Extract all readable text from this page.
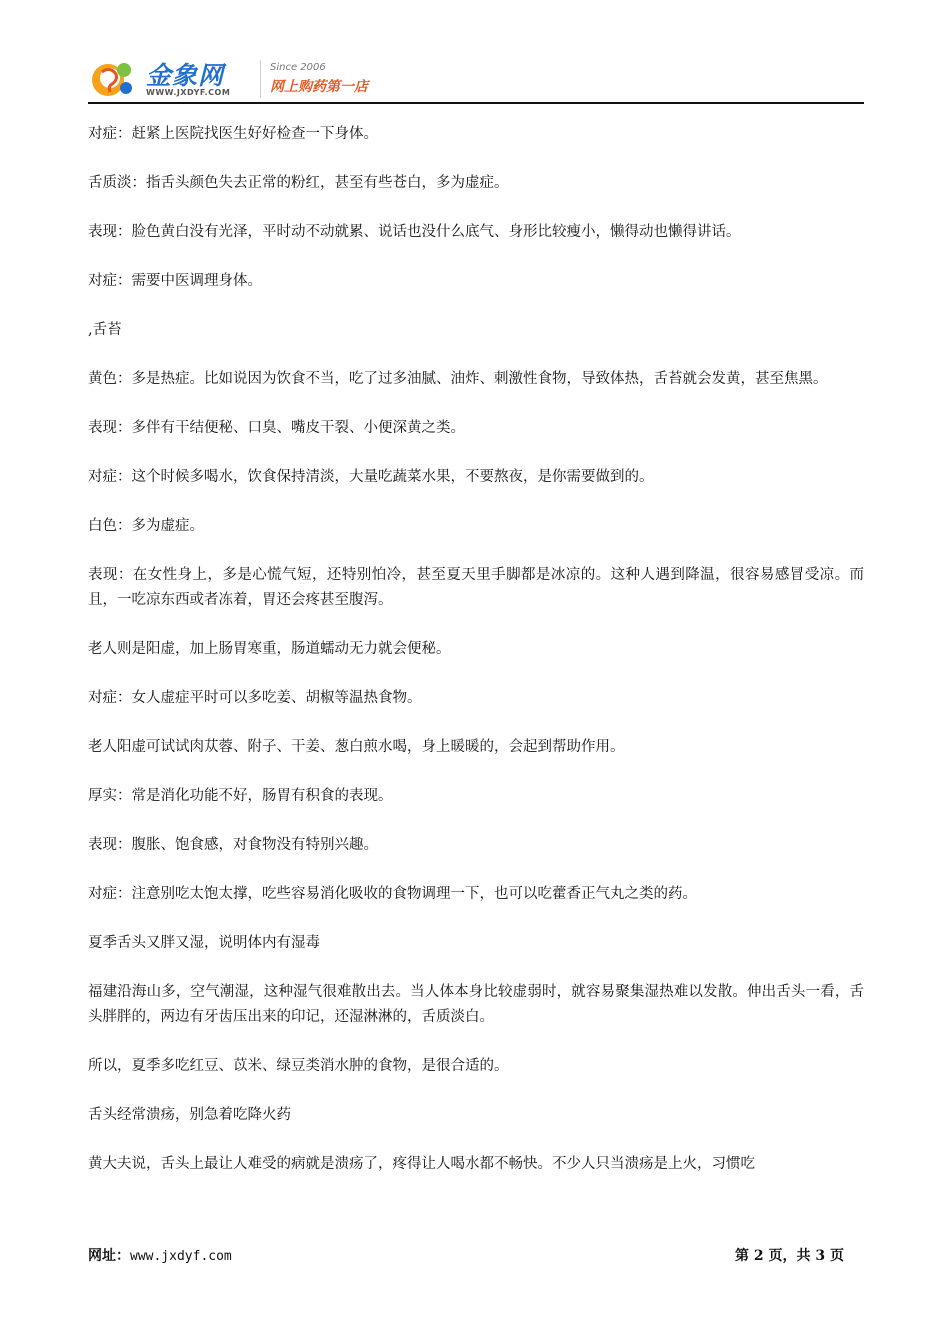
金象网
WWW.JXDYF.COM
Since 2006
网上购药第一店

对症：赶紧上医院找医生好好检查一下身体。

舌质淡：指舌头颜色失去正常的粉红，甚至有些苍白，多为虚症。

表现：脸色黄白没有光泽，平时动不动就累、说话也没什么底气、身形比较瘦小，懒得动也懒得讲话。

对症：需要中医调理身体。

,舌苔

黄色：多是热症。比如说因为饮食不当，吃了过多油腻、油炸、刺激性食物，导致体热，舌苔就会发黄，甚至焦黑。

表现：多伴有干结便秘、口臭、嘴皮干裂、小便深黄之类。

对症：这个时候多喝水，饮食保持清淡，大量吃蔬菜水果，不要熬夜，是你需要做到的。

白色：多为虚症。

表现：在女性身上，多是心慌气短，还特别怕冷，甚至夏天里手脚都是冰凉的。这种人遇到降温，很容易感冒受凉。而且，一吃凉东西或者冻着，胃还会疼甚至腹泻。

老人则是阳虚，加上肠胃寒重，肠道蠕动无力就会便秘。

对症：女人虚症平时可以多吃姜、胡椒等温热食物。

老人阳虚可试试肉苁蓉、附子、干姜、葱白煎水喝，身上暖暖的，会起到帮助作用。

厚实：常是消化功能不好，肠胃有积食的表现。

表现：腹胀、饱食感，对食物没有特别兴趣。

对症：注意别吃太饱太撑，吃些容易消化吸收的食物调理一下，也可以吃藿香正气丸之类的药。

夏季舌头又胖又湿，说明体内有湿毒

福建沿海山多，空气潮湿，这种湿气很难散出去。当人体本身比较虚弱时，就容易聚集湿热难以发散。伸出舌头一看，舌头胖胖的，两边有牙齿压出来的印记，还湿淋淋的，舌质淡白。

所以，夏季多吃红豆、苡米、绿豆类消水肿的食物，是很合适的。

舌头经常溃疡，别急着吃降火药

黄大夫说，舌头上最让人难受的病就是溃疡了，疼得让人喝水都不畅快。不少人只当溃疡是上火，习惯吃

网址：www.jxdyf.com	第 2 页，共 3 页
